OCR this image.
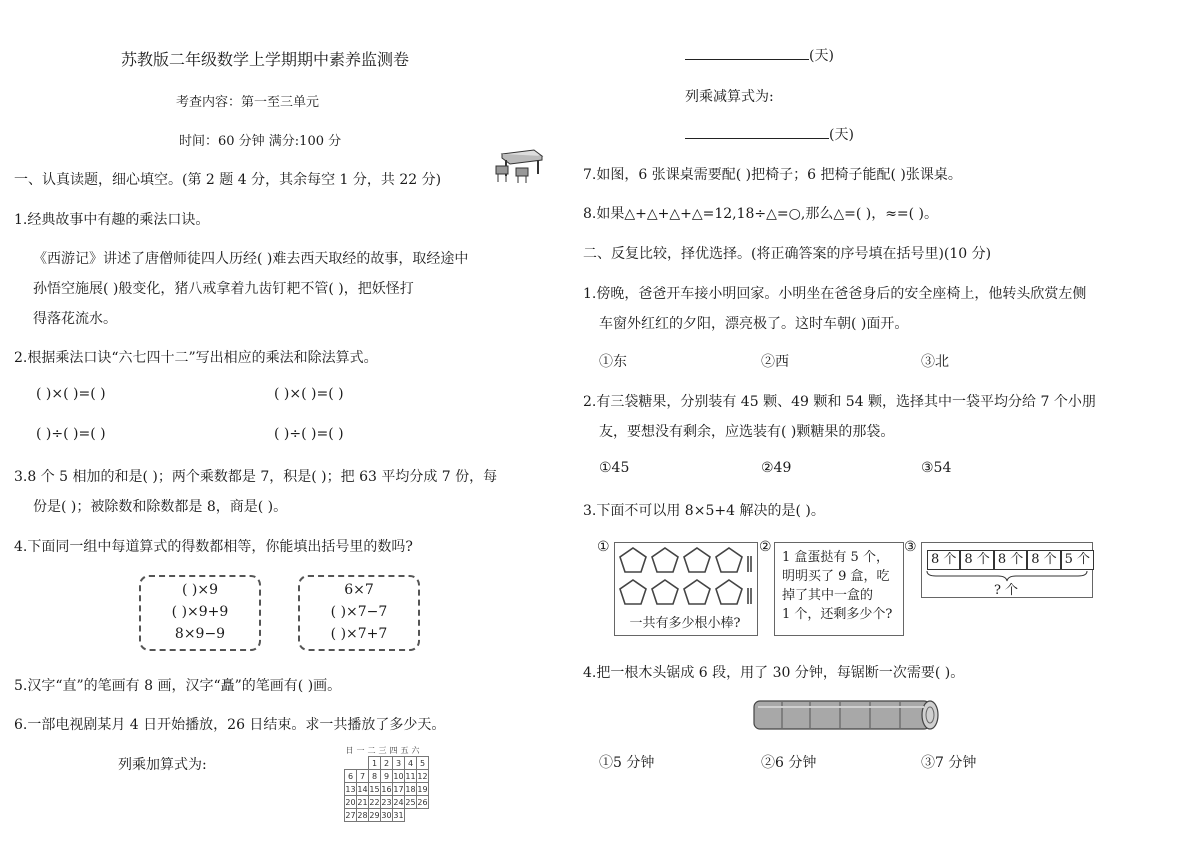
苏教版二年级数学上学期期中素养监测卷
考查内容：第一至三单元
时间：60 分钟 满分:100 分
一、认真读题，细心填空。(第 2 题 4 分，其余每空 1 分，共 22 分)
1.经典故事中有趣的乘法口诀。
《西游记》讲述了唐僧师徒四人历经( )难去西天取经的故事，取经途中
孙悟空施展( )般变化，猪八戒拿着九齿钉耙不管( )，把妖怪打
得落花流水。
2.根据乘法口诀“六七四十二”写出相应的乘法和除法算式。
( )×( )=( )	( )×( )=( )
( )÷( )=( )	( )÷( )=( )
3.8 个 5 相加的和是( )；两个乘数都是 7，积是( )；把 63 平均分成 7 份，每
份是( )；被除数和除数都是 8，商是( )。
4.下面同一组中每道算式的得数都相等，你能填出括号里的数吗?
( )×9
( )×9+9
8×9−9
6×7
( )×7−7
( )×7+7
5.汉字“直”的笔画有 8 画，汉字“矗”的笔画有( )画。
6.一部电视剧某月 4 日开始播放，26 日结束。求一共播放了多少天。
列乘加算式为:
日	一	二	三	四	五	六
		1	2	3	4	5
6	7	8	9	10	11	12
13	14	15	16	17	18	19
20	21	22	23	24	25	26
27	28	29	30	31		
(天)
列乘减算式为:
(天)
7.如图，6 张课桌需要配( )把椅子；6 把椅子能配( )张课桌。
8.如果△+△+△+△=12,18÷△=○,那么△=( )，≈=( )。
二、反复比较，择优选择。(将正确答案的序号填在括号里)(10 分)
1.傍晚，爸爸开车接小明回家。小明坐在爸爸身后的安全座椅上，他转头欣赏左侧
车窗外红红的夕阳，漂亮极了。这时车朝( )面开。
①东	②西	③北
2.有三袋糖果，分别装有 45 颗、49 颗和 54 颗，选择其中一袋平均分给 7 个小朋
友，要想没有剩余，应选装有( )颗糖果的那袋。
①45	②49	③54
3.下面不可以用 8×5+4 解决的是( )。
①
一共有多少根小棒?
②
1 盒蛋挞有 5 个，
明明买了 9 盒，吃
掉了其中一盒的
1 个，还剩多少个?
③
8 个 8 个 8 个 8 个 5 个
? 个
4.把一根木头锯成 6 段，用了 30 分钟，每锯断一次需要( )。
①5 分钟	②6 分钟	③7 分钟
